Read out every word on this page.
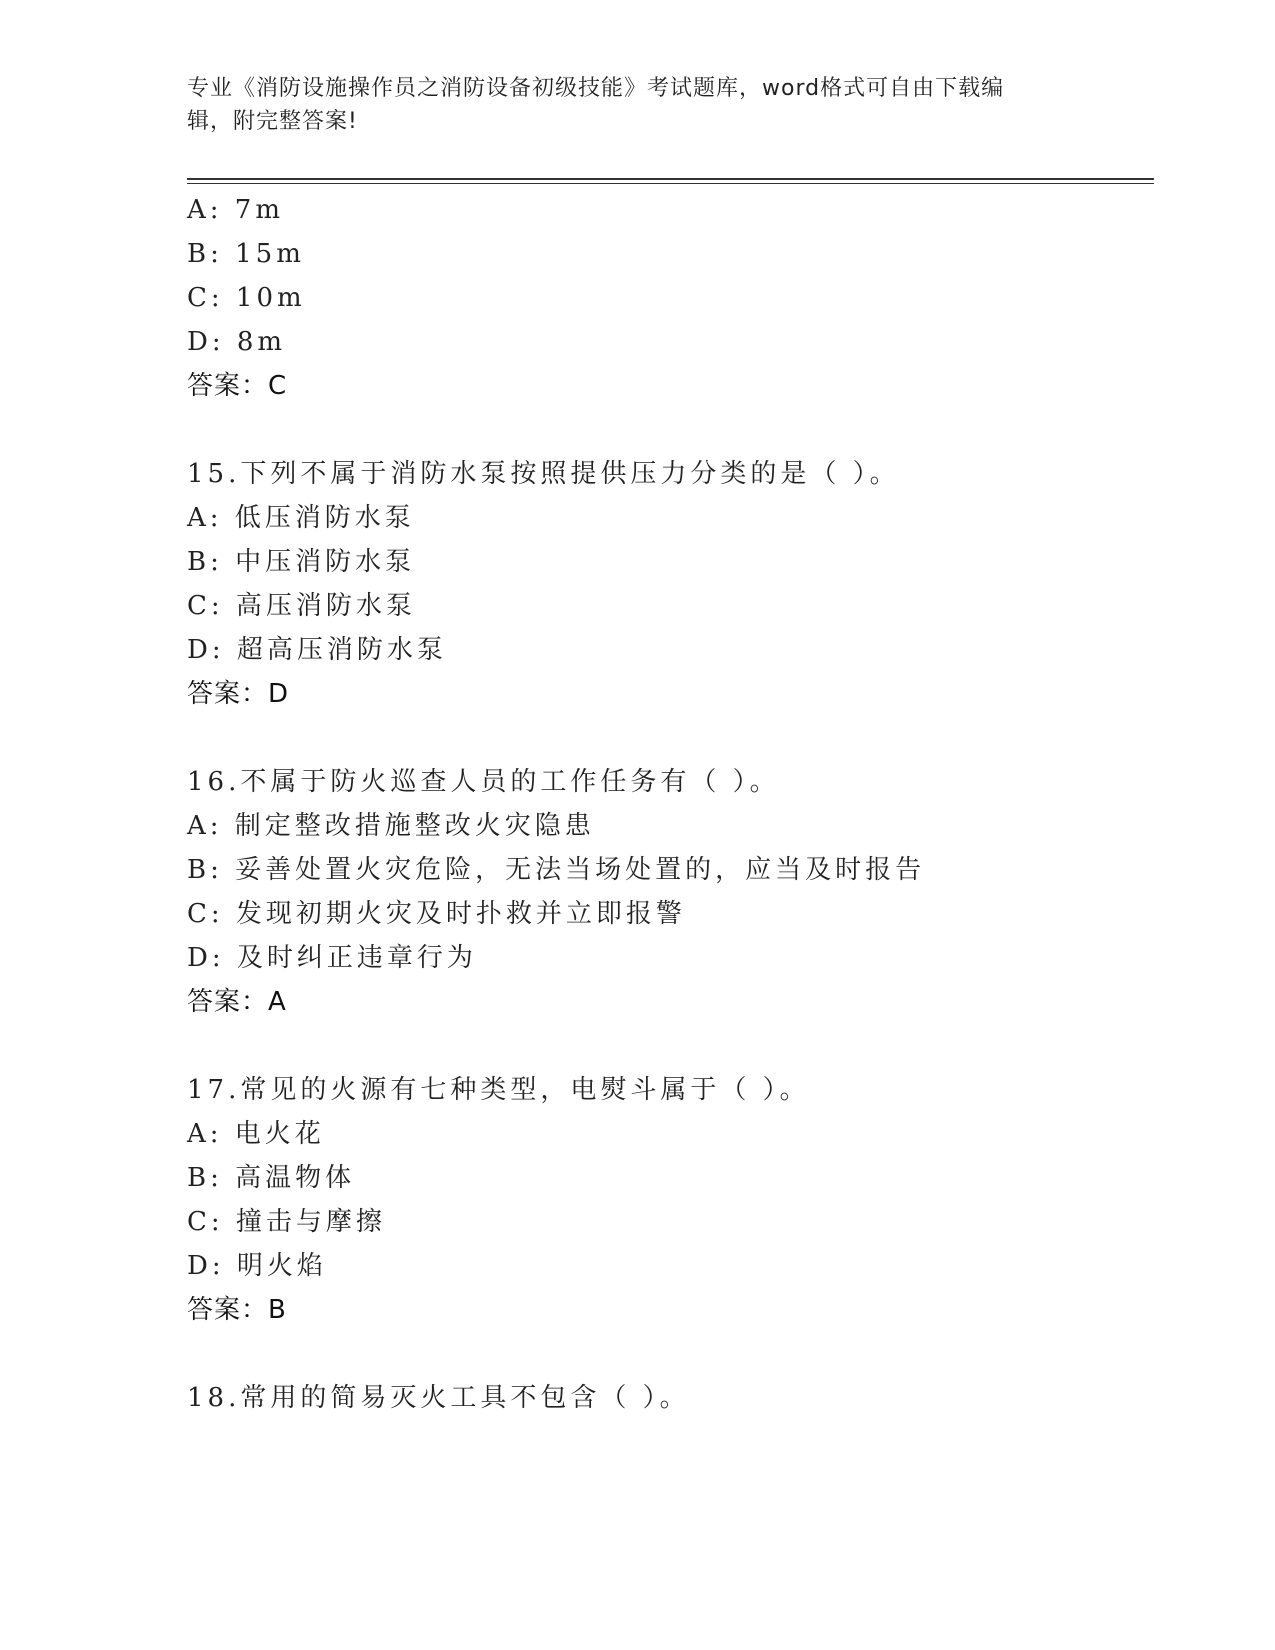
专业《消防设施操作员之消防设备初级技能》考试题库，word格式可自由下载编
辑，附完整答案!
A: 7m
B: 15m
C: 10m
D: 8m
答案：C
15.下列不属于消防水泵按照提供压力分类的是（ ）。
A: 低压消防水泵
B: 中压消防水泵
C: 高压消防水泵
D: 超高压消防水泵
答案：D
16.不属于防火巡查人员的工作任务有（ ）。
A: 制定整改措施整改火灾隐患
B: 妥善处置火灾危险，无法当场处置的，应当及时报告
C: 发现初期火灾及时扑救并立即报警
D: 及时纠正违章行为
答案：A
17.常见的火源有七种类型，电熨斗属于（ ）。
A: 电火花
B: 高温物体
C: 撞击与摩擦
D: 明火焰
答案：B
18.常用的简易灭火工具不包含（ ）。
